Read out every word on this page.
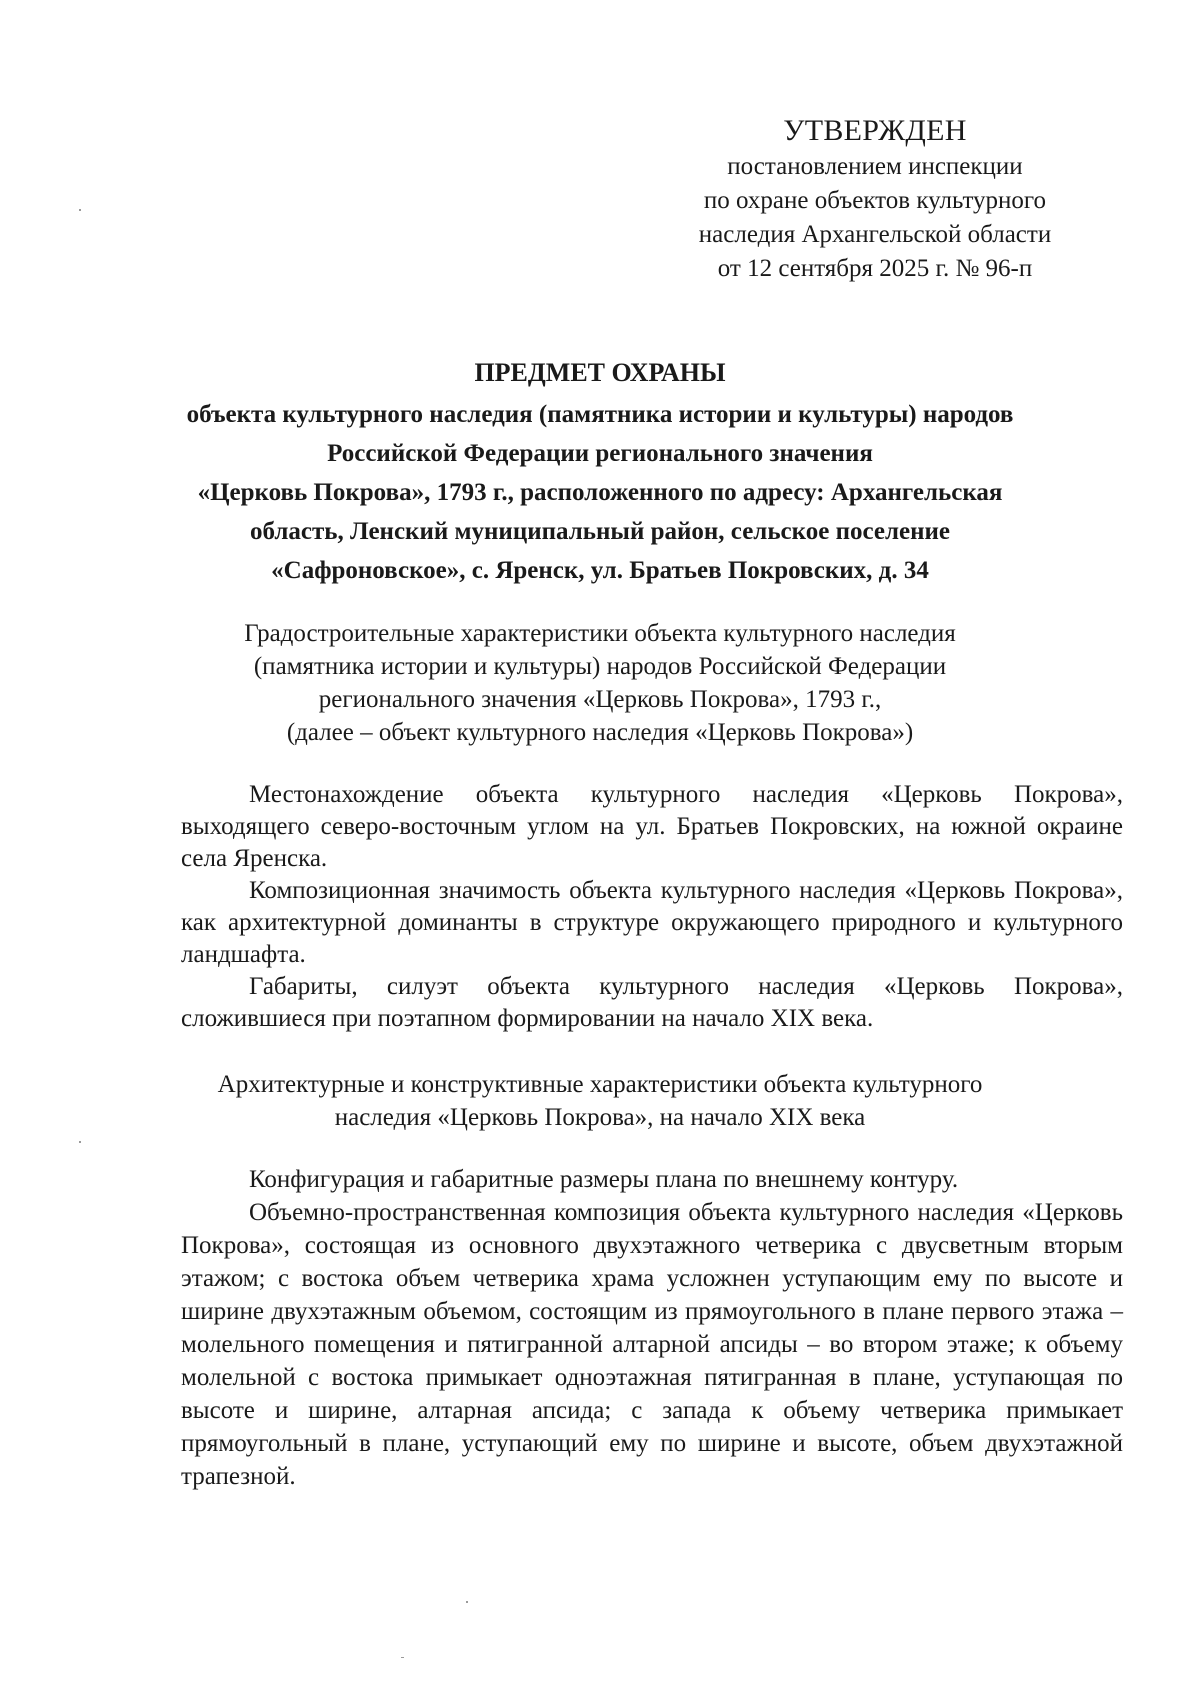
УТВЕРЖДЕН
постановлением инспекции
по охране объектов культурного
наследия Архангельской области
от 12 сентября 2025 г. № 96-п
ПРЕДМЕТ ОХРАНЫ
объекта культурного наследия (памятника истории и культуры) народов
Российской Федерации регионального значения
«Церковь Покрова», 1793 г., расположенного по адресу: Архангельская
область, Ленский муниципальный район, сельское поселение
«Сафроновское», с. Яренск, ул. Братьев Покровских, д. 34
Градостроительные характеристики объекта культурного наследия
(памятника истории и культуры) народов Российской Федерации
регионального значения «Церковь Покрова», 1793 г.,
(далее – объект культурного наследия «Церковь Покрова»)

Местонахождение объекта культурного наследия «Церковь Покрова», выходящего северо-восточным углом на ул. Братьев Покровских, на южной окраине села Яренска.

Композиционная значимость объекта культурного наследия «Церковь Покрова», как архитектурной доминанты в структуре окружающего природного и культурного ландшафта.

Габариты, силуэт объекта культурного наследия «Церковь Покрова», сложившиеся при поэтапном формировании на начало XIX века.

Архитектурные и конструктивные характеристики объекта культурного
наследия «Церковь Покрова», на начало XIX века

Конфигурация и габаритные размеры плана по внешнему контуру.

Объемно-пространственная композиция объекта культурного наследия «Церковь Покрова», состоящая из основного двухэтажного четверика с двусветным вторым этажом; с востока объем четверика храма усложнен уступающим ему по высоте и ширине двухэтажным объемом, состоящим из прямоугольного в плане первого этажа – молельного помещения и пятигранной алтарной апсиды – во втором этаже; к объему молельной с востока примыкает одноэтажная пятигранная в плане, уступающая по высоте и ширине, алтарная апсида; с запада к объему четверика примыкает прямоугольный в плане, уступающий ему по ширине и высоте, объем двухэтажной трапезной.
